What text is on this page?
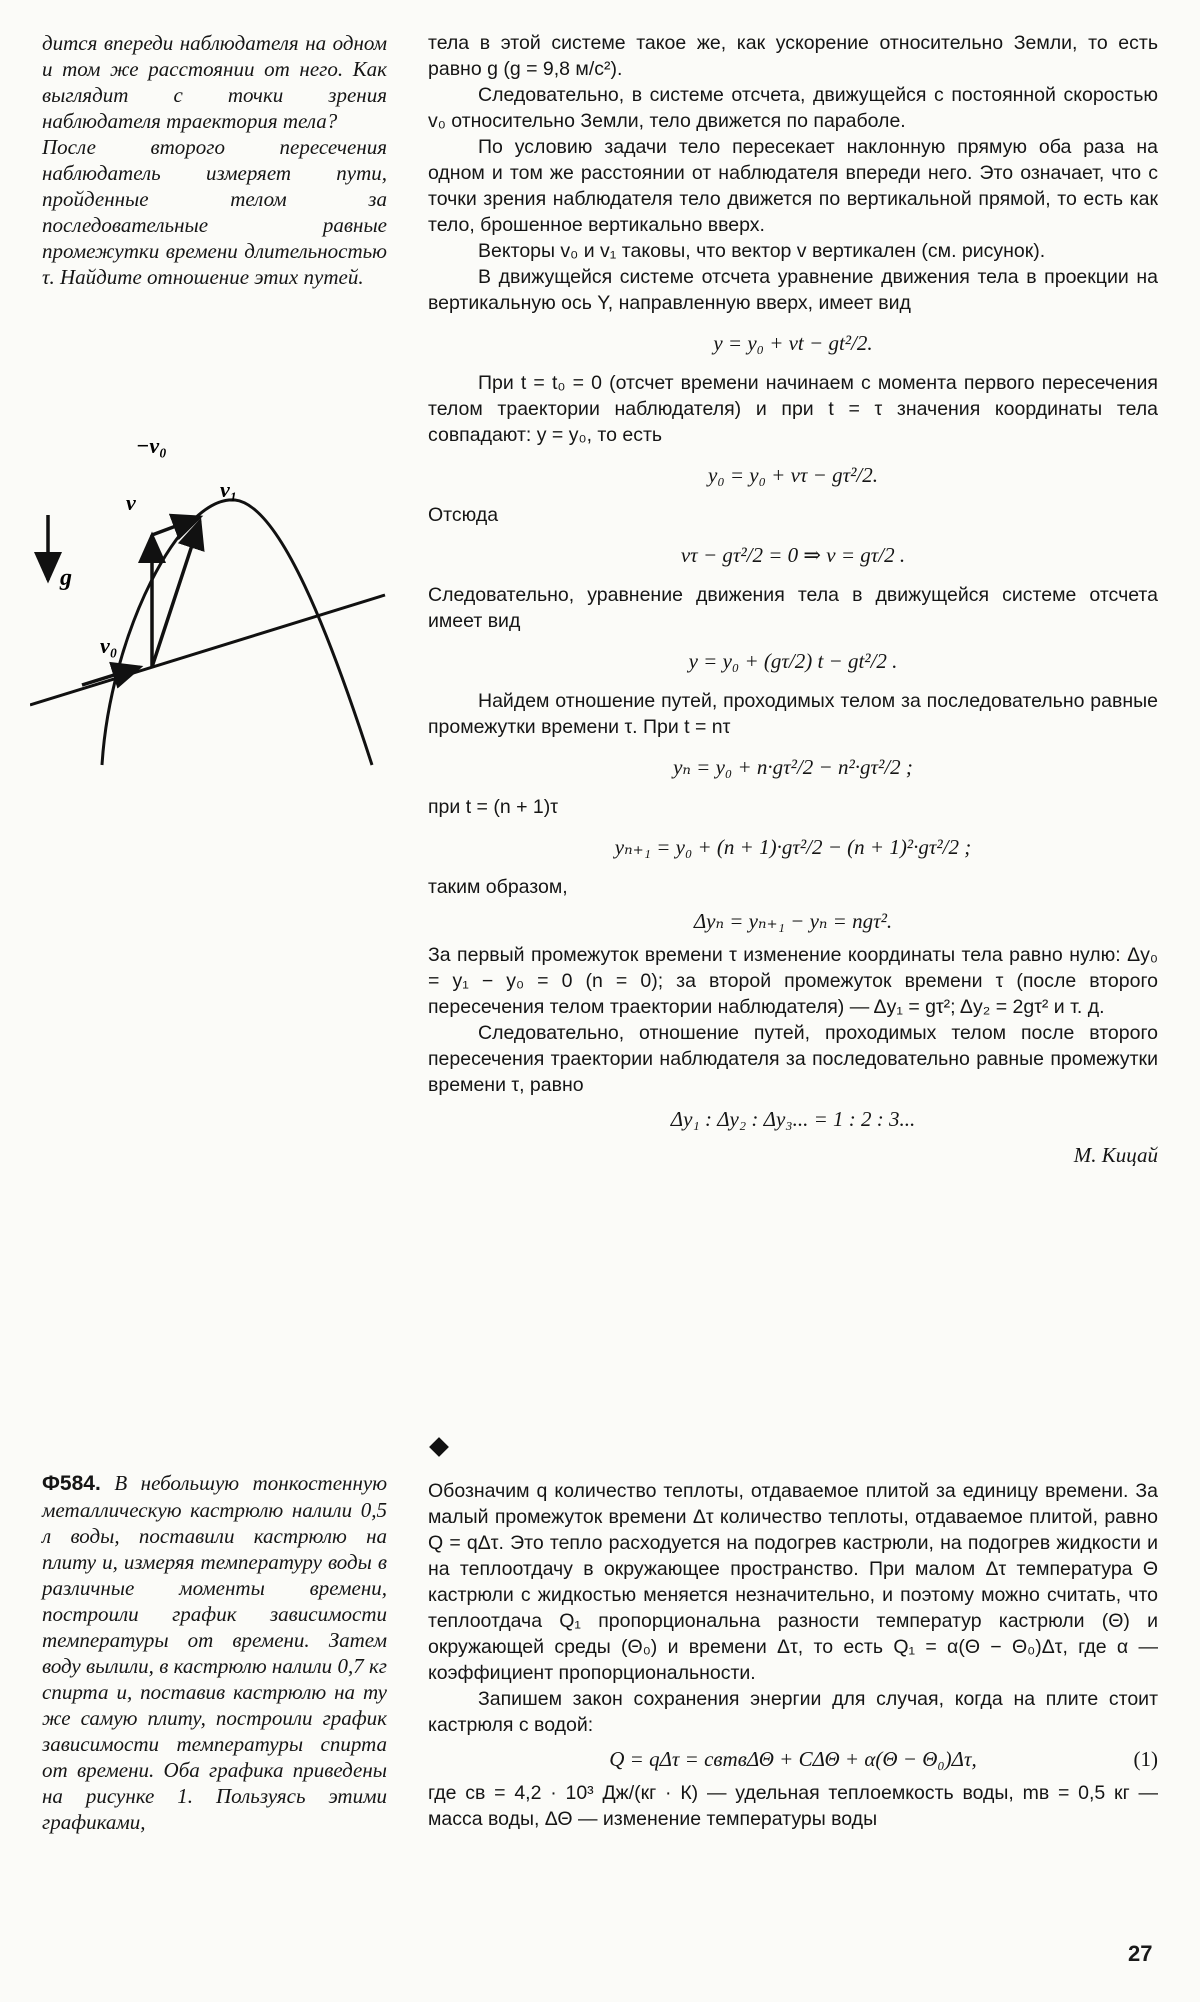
дится впереди наблюдателя на одном и том же расстоянии от него. Как выглядит с точки зрения наблюдателя траектория тела?

После второго пересечения наблюдатель измеряет пути, пройденные телом за последовательные равные промежутки времени длительностью τ. Найдите отношение этих путей.

−v₀
v₁
v
g
v₀

тела в этой системе такое же, как ускорение относительно Земли, то есть равно g (g = 9,8 м/с²).

Следовательно, в системе отсчета, движущейся с постоянной скоростью v₀ относительно Земли, тело движется по параболе.

По условию задачи тело пересекает наклонную прямую оба раза на одном и том же расстоянии от наблюдателя впереди него. Это означает, что с точки зрения наблюдателя тело движется по вертикальной прямой, то есть как тело, брошенное вертикально вверх.

Векторы v₀ и v₁ таковы, что вектор v вертикален (см. рисунок).

В движущейся системе отсчета уравнение движения тела в проекции на вертикальную ось Y, направленную вверх, имеет вид

y = y₀ + vt − gt²/2.

При t = t₀ = 0 (отсчет времени начинаем с момента первого пересечения телом траектории наблюдателя) и при t = τ значения координаты тела совпадают: y = y₀, то есть

y₀ = y₀ + vτ − gτ²/2.

Отсюда

vτ − gτ²/2 = 0 ⇒ v = gτ/2 .

Следовательно, уравнение движения тела в движущейся системе отсчета имеет вид

y = y₀ + (gτ/2) t − gt²/2 .

Найдем отношение путей, проходимых телом за последовательно равные промежутки времени τ. При t = nτ

yₙ = y₀ + n·gτ²/2 − n²·gτ²/2 ;

при t = (n + 1)τ

yₙ₊₁ = y₀ + (n + 1)·gτ²/2 − (n + 1)²·gτ²/2 ;

таким образом,

Δyₙ = yₙ₊₁ − yₙ = ngτ².

За первый промежуток времени τ изменение координаты тела равно нулю: Δy₀ = y₁ − y₀ = 0 (n = 0); за второй промежуток времени τ (после второго пересечения телом траектории наблюдателя) — Δy₁ = gτ²; Δy₂ = 2gτ² и т. д.

Следовательно, отношение путей, проходимых телом после второго пересечения траектории наблюдателя за последовательно равные промежутки времени τ, равно

Δy₁ : Δy₂ : Δy₃... = 1 : 2 : 3...
М. Кицай

Ф584. В небольшую тонкостенную металлическую кастрюлю налили 0,5 л воды, поставили кастрюлю на плиту и, измеряя температуру воды в различные моменты времени, построили график зависимости температуры от времени. Затем воду вылили, в кастрюлю налили 0,7 кг спирта и, поставив кастрюлю на ту же самую плиту, построили график зависимости температуры спирта от времени. Оба графика приведены на рисунке 1. Пользуясь этими графиками,

Обозначим q количество теплоты, отдаваемое плитой за единицу времени. За малый промежуток времени Δτ количество теплоты, отдаваемое плитой, равно Q = qΔτ. Это тепло расходуется на подогрев кастрюли, на подогрев жидкости и на теплоотдачу в окружающее пространство. При малом Δτ температура Θ кастрюли с жидкостью меняется незначительно, и поэтому можно считать, что теплоотдача Q₁ пропорциональна разности температур кастрюли (Θ) и окружающей среды (Θ₀) и времени Δτ, то есть Q₁ = α(Θ − Θ₀)Δτ, где α — коэффициент пропорциональности.

Запишем закон сохранения энергии для случая, когда на плите стоит кастрюля с водой:

Q = qΔτ = cвmвΔΘ + CΔΘ + α(Θ − Θ₀)Δτ,	(1)

где cв = 4,2 · 10³ Дж/(кг · К) — удельная теплоемкость воды, mв = 0,5 кг — масса воды, ΔΘ — изменение температуры воды

27
